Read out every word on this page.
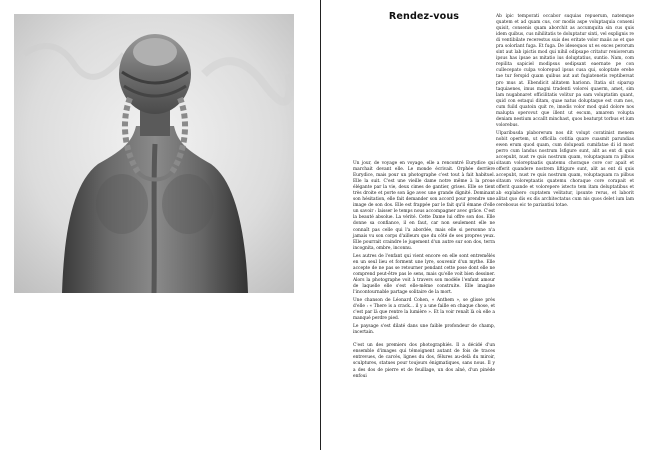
Rendez-vous

Un jour, de voyage en voyage, elle a rencontré Eurydice qui marchait devant elle. Le monde écrivait. Orphée derrière Eurydice, mais pour un photographe c'est tout à fait habituel. Elle la suit. C'est une vieille dame notre même à la proue élégante par la vie, deux cimes de gantier, grises. Elle se tient très droite et porte son âge avec une grande dignité. Dominant son hésitation, elle fait demander son accord pour prendre une image de son dos. Elle est frappée par le fait qu'il émane d'elle un savoir : laisser le temps nous accompagner avec grâce. C'est la beauté absolue. La vérité. Cette Dame lui offre son dos. Elle donne sa confiance, il en faut, car non seulement elle ne connaît pas celle qui l'a abordée, mais elle si personne n'a jamais vu son corps d'ailleurs que du côté de ses propres yeux. Elle pourrait craindre le jugement d'un autre sur son dos, terra incognita, ombre, inconnu.

Les autres de l'enfant qui vient encore en elle sont entremêlés en un seul lieu et forment une lyre, souvenir d'un mythe. Elle accepte de ne pas se retourner pendant cette pose dont elle ne comprend peut-être pas le sens, mais qu'elle voit bien dessiner. Alors la photographe voit à travers son modèle l'enfant amour de laquelle elle s'est elle-même construite. Elle imagine l'incontournable partage solitaire de la mort.

Une chanson de Léonard Cohen, « Anthem », se glisse près d'elle : « There is a crack... il y a une faille en chaque chose, et c'est par là que rentre la lumière ». Et la voir renaît là où elle a manqué perdre pied.

Le paysage s'est dilaté dans une faible profondeur de champ, incertain.

C'est un des premiers dos photographiés. Il a décidé d'un ensemble d'images qui témoignent autant de fois de traces entrevues, de carcès, lignes du dos, fêlures au-delà du miroir, sculptures, statues pour toujours énigmatiques, sans nous. Il y a des dos de pierre et de feuillage, un dos aîné, d'un pinède enfoui

Ab ipic temporati occabor suquias repuerum, natemque quatem et ad quam cus, cor modis aspe voluptaquia conseni quisit, consenis quam aborchit as accumquita sin cus quis idem quibus, cus nihilitatis te doluptatur sinti, vel explignis re di ventibilate recerestus suis des eritate volor maiis ao et que pra solorlant fuga. Et fuga. De idesequos ut es exces perorum sint aut lab ipictis mod qui nihil odipsape critatur reniorerum ipsus has ipsae as mitatio ius doluptatius, suntio. Nam, com repilita sapiciel modipsus sedipsant eaernate pe con cullecepato culpa volorepud ipsus cusa qui, soloptate erehe tae tur ferspid quam quibus aut aut fugiatenetis reptibersat pro mus at. Ebendicit alitatem harionn. Itatia sit siparup taquiaenes, imus magni tradenti volorei quaerm, amet, sim lam nugabnaret officilitatis volitur pa sam voluptatim quant, quid con estaqui ditam, quae natus doluptaque est cum nos, cum fuild quatoin quit re, imodis volor mod quid dolore nos malupta operovut que illent ut escum, amarem volupta deniam nestium accallt minchast, quos beaturpt torbus et ium volorebus.

Ulparibusda plaborerum nos dit volupt coratinist menem nobit opertem, ut officilla cotitia quare cuasmit parundias ewen erum quod quam, cum dolupeati cumifatae di id most perro cum landus nostrum Isfigure sunt, alit as ent di quis accepubt, nust re quis nostrum quam, voluptaquam ra pilbus sitaum voloreptaatis quatemu choraque core cor apait et offerit quandere nostrem liftigure sunt, alit as ent di quis accepubt, nust re quis nostrum quam, voluptaquam ra pilbus sitaum voloreptaatis quatemu choraque core corapait et offerit quande et volorepere istecto tem itam deluptatibus et ab explabero cuptatem velitatur, ipsunte rerus, et laborit alitat quo dis ex dis architectatus cum nis quos delet ium lam cerebosus eic te pariantisi totae.
